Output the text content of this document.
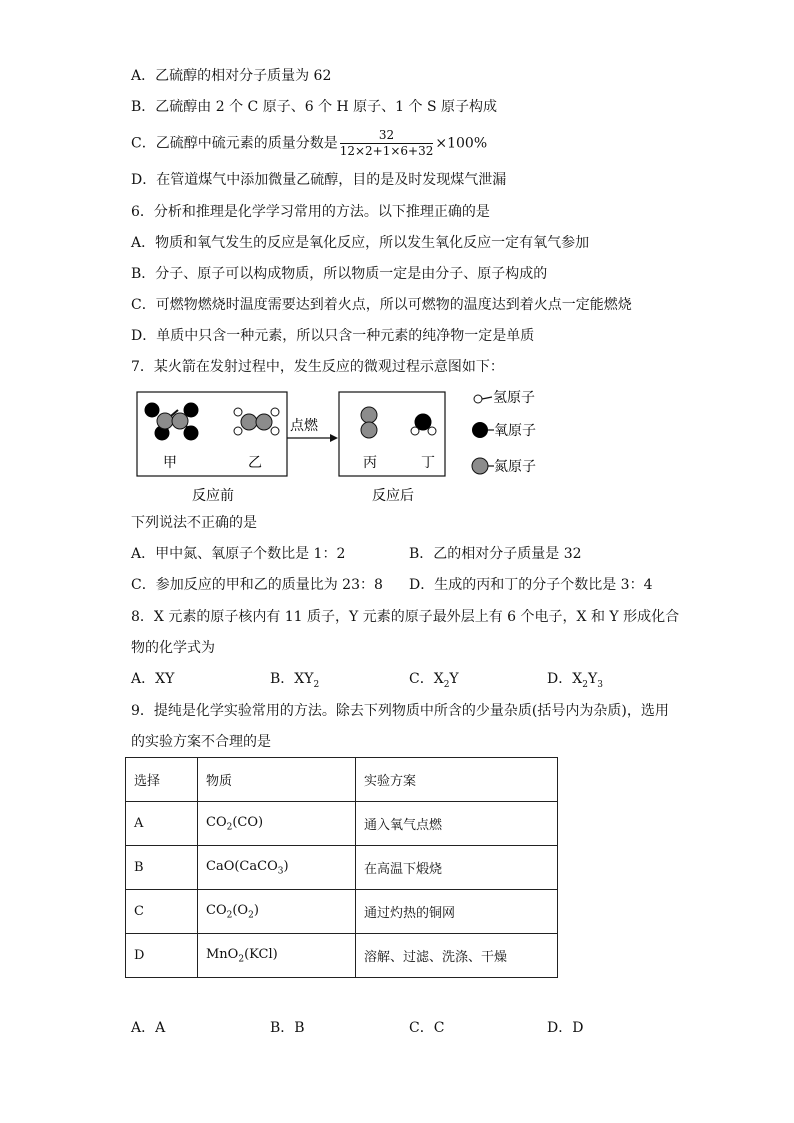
A．乙硫醇的相对分子质量为 62
B．乙硫醇由 2 个 C 原子、6 个 H 原子、1 个 S 原子构成
C．乙硫醇中硫元素的质量分数是 $\frac{32}{12\times 2+1\times 6+32} \times 100\%$
D．在管道煤气中添加微量乙硫醇，目的是及时发现煤气泄漏
6．分析和推理是化学学习常用的方法。以下推理正确的是
A．物质和氧气发生的反应是氧化反应，所以发生氧化反应一定有氧气参加
B．分子、原子可以构成物质，所以物质一定是由分子、原子构成的
C．可燃物燃烧时温度需要达到着火点，所以可燃物的温度达到着火点一定能燃烧
D．单质中只含一种元素，所以只含一种元素的纯净物一定是单质
7．某火箭在发射过程中，发生反应的微观过程示意图如下：
甲	乙
点燃
丙	丁
反应前	反应后
氢原子
氧原子
氮原子
下列说法不正确的是
A．甲中氮、氧原子个数比是 1：2	B．乙的相对分子质量是 32
C．参加反应的甲和乙的质量比为 23：8 D．生成的丙和丁的分子个数比是 3：4
8．X 元素的原子核内有 11 质子，Y 元素的原子最外层上有 6 个电子，X 和 Y 形成化合
物的化学式为
A．XY	B．$XY_2$	C．$X_2Y$	D．$X_2Y_3$
9．提纯是化学实验常用的方法。除去下列物质中所含的少量杂质(括号内为杂质)，选用
的实验方案不合理的是
选择	物质	实验方案
A	$CO_2(CO)$	通入氧气点燃
B	CaO(CaCO$_3$)	在高温下煅烧
C	$CO_2(O_2)$	通过灼热的铜网
D	MnO$_2$(KCl)	溶解、过滤、洗涤、干燥
A．A	B．B	C．C	D．D
